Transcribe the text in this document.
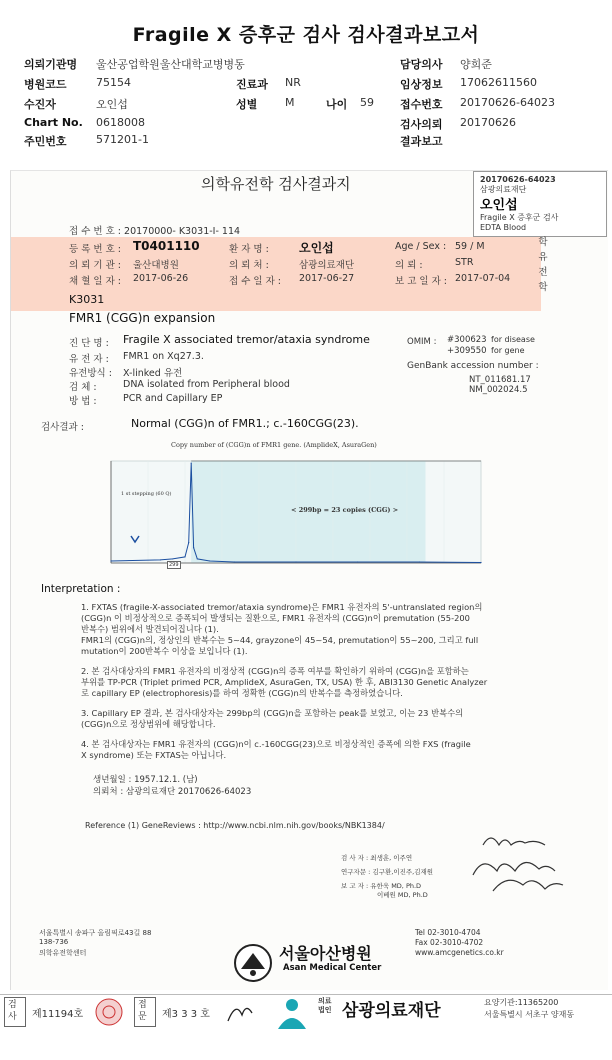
Fragile X 증후군 검사 검사결과보고서
의뢰기관명 울산공업학원울산대학교병병동	담당의사 양희준
병원코드	75154	진료과 NR	임상정보 17062611560
수진자	오인섭	성별	M	나이 59 접수번호 20170626-64023
Chart No. 0618008	검사의뢰 20170626
주민번호	571201-1	결과보고
의학유전학 검사결과지	20170626-64023
삼광의료재단
오인섭
Fragile X 증후군 검사
EDTA Blood
접 수 번 호 : 20170000- K3031-I- 114
등 록 번 호 : T0401110	환 자 명 :	오인섭	Age / Sex : 59 / M
의 뢰 기 관 : 울산대병원	의 뢰 처 :	삼광의료재단	의 뢰 :	STR
채 혈 일 자 : 2017-06-26	접 수 일 자 : 2017-06-27	보 고 일 자 : 2017-07-04
학 유 전 학
K3031
FMR1 (CGG)n expansion
진 단 명 : Fragile X associated tremor/ataxia syndrome
유 전 자 : FMR1 on Xq27.3.
유전방식 : X-linked 유전
검 체 :	DNA isolated from Peripheral blood
방 법 :	PCR and Capillary EP
OMIM : #300623 for disease
+309550 for gene
GenBank accession number :
NT_011681.17
NM_002024.5
검사결과 :	Normal (CGG)n of FMR1.; c.-160CGG(23).
Copy number of (CGG)n of FMR1 gene. (AmplideX, AsuraGen)
1 st stepping (60 Q)
< 299bp = 23 copies (CGG) >
299
Interpretation :
1. FXTAS (fragile-X-associated tremor/ataxia syndrome)은 FMR1 유전자의 5'-untranslated region의
(CGG)n 이 비정상적으로 증폭되어 발생되는 질환으로, FMR1 유전자의 (CGG)n이 premutation (55-200
반복수) 범위에서 발견되어집니다 (1).
FMR1의 (CGG)n의, 정상인의 반복수는 5~44, grayzone이 45~54, premutation이 55~200, 그리고 full
mutation이 200반복수 이상을 보입니다 (1).
2. 본 검사대상자의 FMR1 유전자의 비정상적 (CGG)n의 증폭 여부를 확인하기 위하여 (CGG)n을 포함하는
부위를 TP-PCR (Triplet primed PCR, AmplideX, AsuraGen, TX, USA) 한 후, ABI3130 Genetic Analyzer
로 capillary EP (electrophoresis)를 하여 정확한 (CGG)n의 반복수를 측정하였습니다.
3. Capillary EP 결과, 본 검사대상자는 299bp의 (CGG)n을 포함하는 peak를 보였고, 이는 23 반복수의
(CGG)n으로 정상범위에 해당합니다.
4. 본 검사대상자는 FMR1 유전자의 (CGG)n이 c.-160CGG(23)으로 비정상적인 증폭에 의한 FXS (fragile
X syndrome) 또는 FXTAS는 아닙니다.
생년월일 : 1957.12.1. (남)
의뢰처 : 삼광의료재단 20170626-64023
Reference (1) GeneReviews : http://www.ncbi.nlm.nih.gov/books/NBK1384/
검 사 자 : 최생훈, 이주연
연구자문 : 김구환,이진주,김재원
보 고 자 : 유한욱 MD, Ph.D
이베원 MD, Ph.D
서울특별시 송파구 올림픽로43길 88
138-736
의학유전학센터	서울아산병원
Asan Medical Center
Tel 02-3010-4704
Fax 02-3010-4702
www.amcgenetics.co.kr
검사	제11194호
접문	제3 3 3 호
의료법인 삼광의료재단	요양기관:11365200
서울특별시 서초구 양재동
